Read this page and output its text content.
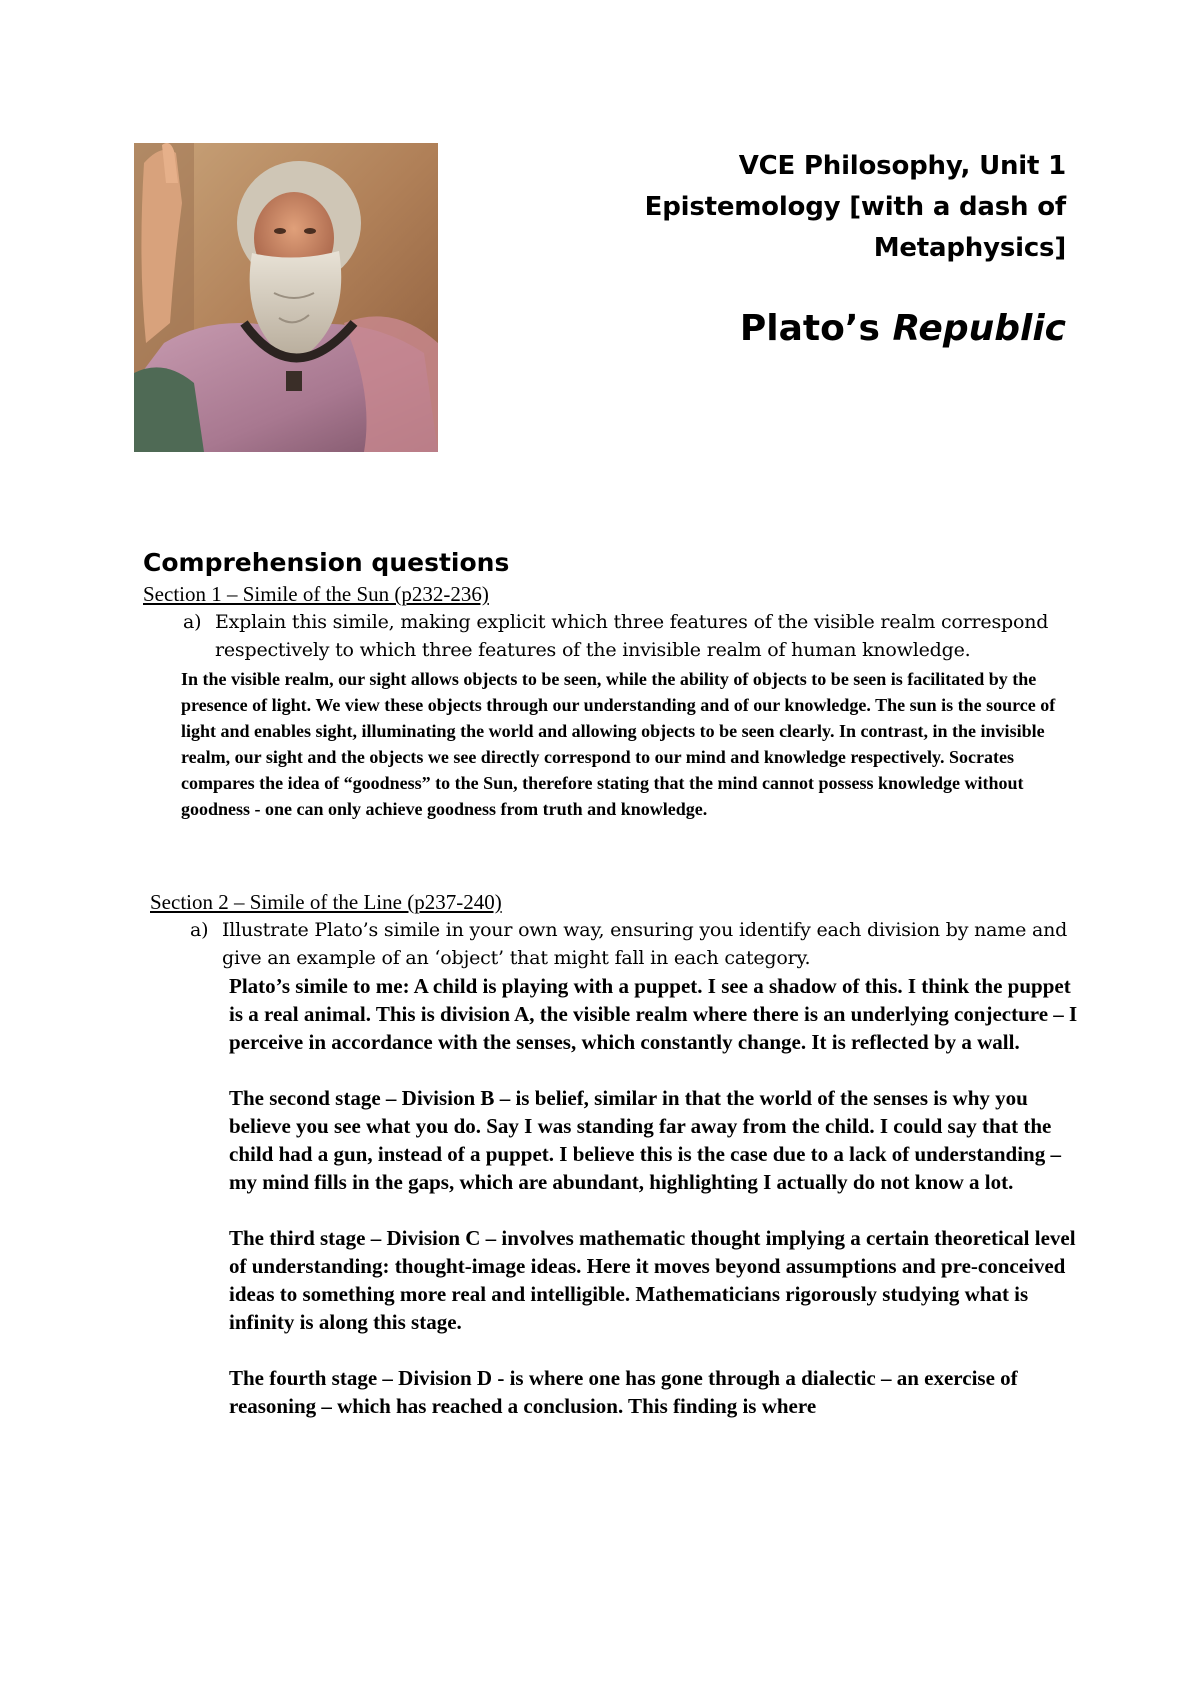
VCE Philosophy, Unit 1
Epistemology [with a dash of
Metaphysics]
Plato’s Republic
Comprehension questions
Section 1 – Simile of the Sun (p232-236)
a) Explain this simile, making explicit which three features of the visible realm correspond respectively to which three features of the invisible realm of human knowledge.
In the visible realm, our sight allows objects to be seen, while the ability of objects to be seen is facilitated by the presence of light. We view these objects through our understanding and of our knowledge. The sun is the source of light and enables sight, illuminating the world and allowing objects to be seen clearly. In contrast, in the invisible realm, our sight and the objects we see directly correspond to our mind and knowledge respectively. Socrates compares the idea of “goodness” to the Sun, therefore stating that the mind cannot possess knowledge without goodness - one can only achieve goodness from truth and knowledge.
Section 2 – Simile of the Line (p237-240)
a) Illustrate Plato’s simile in your own way, ensuring you identify each division by name and give an example of an ‘object’ that might fall in each category.

Plato’s simile to me: A child is playing with a puppet. I see a shadow of this. I think the puppet is a real animal. This is division A, the visible realm where there is an underlying conjecture – I perceive in accordance with the senses, which constantly change. It is reflected by a wall.

The second stage – Division B – is belief, similar in that the world of the senses is why you believe you see what you do. Say I was standing far away from the child. I could say that the child had a gun, instead of a puppet. I believe this is the case due to a lack of understanding – my mind fills in the gaps, which are abundant, highlighting I actually do not know a lot.

The third stage – Division C – involves mathematic thought implying a certain theoretical level of understanding: thought-image ideas. Here it moves beyond assumptions and pre-conceived ideas to something more real and intelligible. Mathematicians rigorously studying what is infinity is along this stage.

The fourth stage – Division D - is where one has gone through a dialectic – an exercise of reasoning – which has reached a conclusion. This finding is where
